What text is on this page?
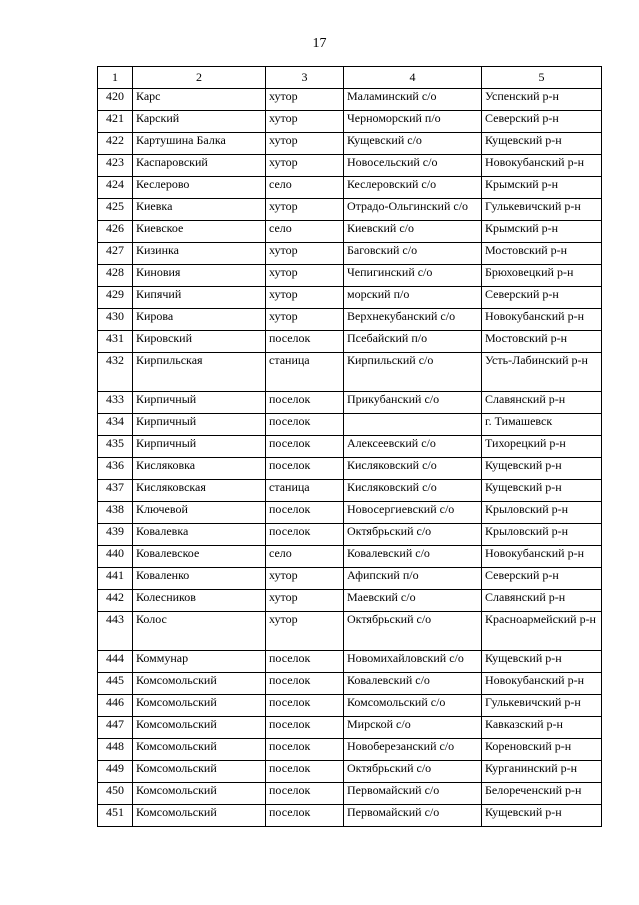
17
1	2	3	4	5
420	Карс	хутор	Маламинский с/о	Успенский р-н
421	Карский	хутор	Черноморский п/о	Северский р-н
422	Картушина Балка	хутор	Кущевский с/о	Кущевский р-н
423	Каспаровский	хутор	Новосельский с/о	Новокубанский р-н
424	Кеслерово	село	Кеслеровский с/о	Крымский р-н
425	Киевка	хутор	Отрадо-Ольгинский с/о	Гулькевичский р-н
426	Киевское	село	Киевский с/о	Крымский р-н
427	Кизинка	хутор	Баговский с/о	Мостовский р-н
428	Киновия	хутор	Чепигинский с/о	Брюховецкий р-н
429	Кипячий	хутор	морский п/о	Северский р-н
430	Кирова	хутор	Верхнекубанский с/о	Новокубанский р-н
431	Кировский	поселок	Псебайский п/о	Мостовский р-н
432	Кирпильская	станица	Кирпильский с/о	Усть-Лабинский р-н
433	Кирпичный	поселок	Прикубанский с/о	Славянский р-н
434	Кирпичный	поселок		г. Тимашевск
435	Кирпичный	поселок	Алексеевский с/о	Тихорецкий р-н
436	Кисляковка	поселок	Кисляковский с/о	Кущевский р-н
437	Кисляковская	станица	Кисляковский с/о	Кущевский р-н
438	Ключевой	поселок	Новосергиевский с/о	Крыловский р-н
439	Ковалевка	поселок	Октябрьский с/о	Крыловский р-н
440	Ковалевское	село	Ковалевский с/о	Новокубанский р-н
441	Коваленко	хутор	Афипский п/о	Северский р-н
442	Колесников	хутор	Маевский с/о	Славянский р-н
443	Колос	хутор	Октябрьский с/о	Красноармейский р-н
444	Коммунар	поселок	Новомихайловский с/о	Кущевский р-н
445	Комсомольский	поселок	Ковалевский с/о	Новокубанский р-н
446	Комсомольский	поселок	Комсомольский с/о	Гулькевичский р-н
447	Комсомольский	поселок	Мирской с/о	Кавказский р-н
448	Комсомольский	поселок	Новоберезанский с/о	Кореновский р-н
449	Комсомольский	поселок	Октябрьский с/о	Курганинский р-н
450	Комсомольский	поселок	Первомайский с/о	Белореченский р-н
451	Комсомольский	поселок	Первомайский с/о	Кущевский р-н
